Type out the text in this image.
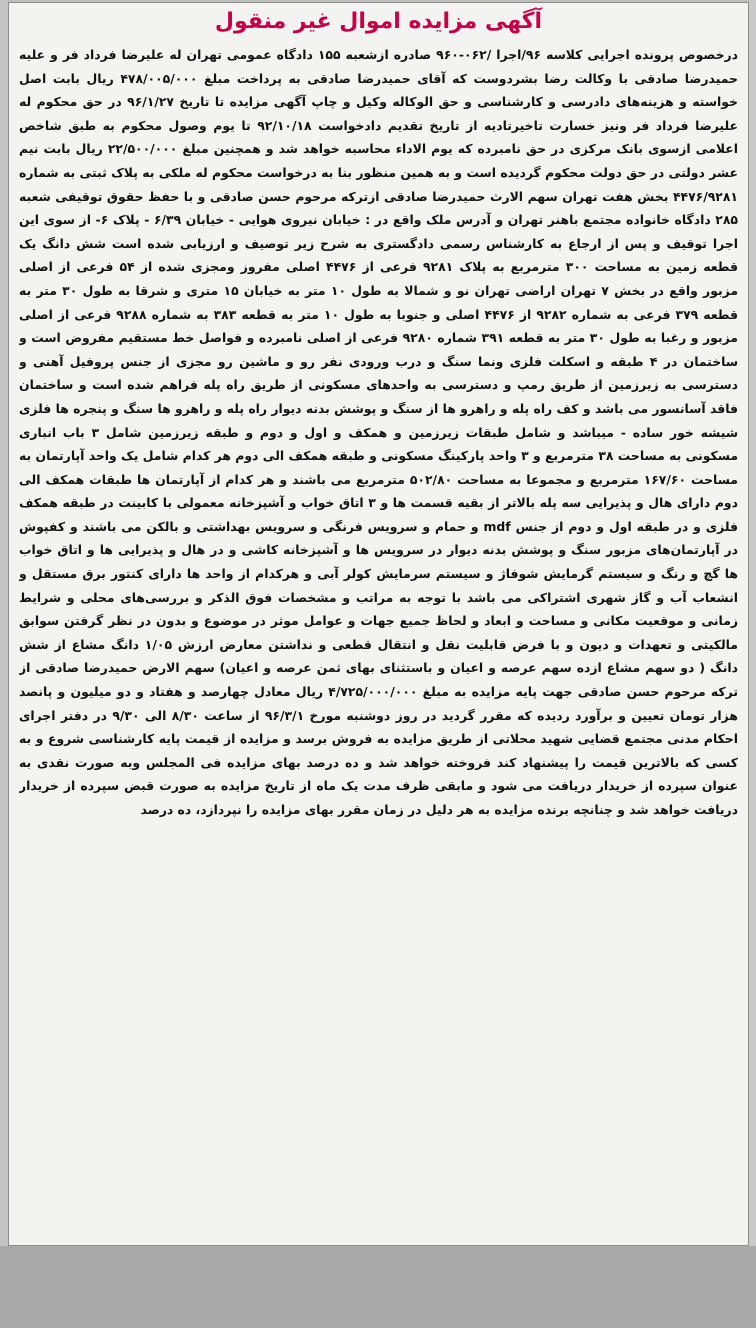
آگهی مزایده اموال غیر منقول

درخصوص پرونده اجرایی کلاسه ۹۶/اجرا /۰۶۲-۹۶۰ صادره ازشعبه ۱۵۵ دادگاه عمومی تهران له علیرضا فرداد فر و علیه حمیدرضا صادقی با وکالت رضا بشردوست که آقای حمیدرضا صادقی به پرداخت مبلغ ۴۷۸/۰۰۵/۰۰۰ ریال بابت اصل خواسته و هزینه‌های دادرسی و کارشناسی و حق الوکاله وکیل و چاپ آگهی مزایده تا تاریخ ۹۶/۱/۲۷ در حق محکوم له علیرضا فرداد فر ونیز خسارت تاخیرتادیه از تاریخ تقدیم دادخواست ۹۲/۱۰/۱۸ تا یوم وصول محکوم به طبق شاخص اعلامی ازسوی بانک مرکزی در حق نامبرده که یوم الاداء محاسبه خواهد شد و همچنین مبلغ ۲۲/۵۰۰/۰۰۰ ریال بابت نیم عشر دولتی در حق دولت محکوم گردیده است و به همین منظور بنا به درخواست محکوم له ملکی به پلاک ثبتی به شماره ۴۴۷۶/۹۲۸۱ بخش هفت تهران سهم الارث حمیدرضا صادقی ازترکه مرحوم حسن صادقی و با حفظ حقوق توقیفی شعبه ۲۸۵ دادگاه خانواده مجتمع باهنر تهران و آدرس ملک واقع در : خیابان نیروی هوایی - خیابان ۶/۳۹ - پلاک ۶- از سوی این اجرا توقیف و پس از ارجاع به کارشناس رسمی دادگستری به شرح زیر توصیف و ارزیابی شده است شش دانگ یک قطعه زمین به مساحت ۳۰۰ مترمربع به پلاک ۹۲۸۱ فرعی از ۴۴۷۶ اصلی مفروز ومجزی شده از ۵۴ فرعی از اصلی مزبور واقع در بخش ۷ تهران اراضی تهران نو و شمالا به طول ۱۰ متر به خیابان ۱۵ متری و شرقا به طول ۳۰ متر به قطعه ۳۷۹ فرعی به شماره ۹۲۸۲ از ۴۴۷۶ اصلی و جنوبا به طول ۱۰ متر به قطعه ۳۸۳ به شماره ۹۲۸۸ فرعی از اصلی مزبور و رغبا به طول ۳۰ متر به قطعه ۳۹۱ شماره ۹۲۸۰ فرعی از اصلی نامبرده و فواصل خط مستقیم مفروض است و ساختمان در ۴ طبقه و اسکلت فلزی ونما سنگ و درب ورودی نفر رو و ماشین رو مجزی از جنس پروفیل آهنی و دسترسی به زیرزمین از طریق رمپ و دسترسی به واحدهای مسکونی از طریق راه پله فراهم شده است و ساختمان فاقد آسانسور می باشد و کف راه پله و راهرو ها از سنگ و پوشش بدنه دیوار راه پله و راهرو ها سنگ و پنجره ها فلزی شیشه خور ساده - میباشد و شامل طبقات زیرزمین و همکف و اول و دوم و طبقه زیرزمین شامل ۳ باب انباری مسکونی به مساحت ۳۸ مترمربع و ۳ واحد پارکینگ مسکونی و طبقه همکف الی دوم هر کدام شامل یک واحد آپارتمان به مساحت ۱۶۷/۶۰ مترمربع و مجموعا به مساحت ۵۰۲/۸۰ مترمربع می باشند و هر کدام از آپارتمان ها طبقات همکف الی دوم دارای هال و پذیرایی سه پله بالاتر از بقیه قسمت ها و ۳ اتاق خواب و آشپزخانه معمولی با کابینت در طبقه همکف فلزی و در طبقه اول و دوم از جنس mdf و حمام و سرویس فرنگی و سرویس بهداشتی و بالکن می باشند و کفپوش در آپارتمان‌های مزبور سنگ و پوشش بدنه دیوار در سرویس ها و آشپزخانه کاشی و در هال و پذیرایی ها و اتاق خواب ها گچ و رنگ و سیستم گرمایش شوفاژ و سیستم سرمایش کولر آبی و هرکدام از واحد ها دارای کنتور برق مستقل و انشعاب آب و گاز شهری اشتراکی می باشد با توجه به مراتب و مشخصات فوق الذکر و بررسی‌های محلی و شرایط زمانی و موقعیت مکانی و مساحت و ابعاد و لحاظ جمیع جهات و عوامل موثر در موضوع و بدون در نظر گرفتن سوابق مالکیتی و تعهدات و دیون و با فرض قابلیت نقل و انتقال قطعی و نداشتن معارض ارزش ۱/۰۵ دانگ مشاع از شش دانگ ( دو سهم مشاع ازده سهم عرصه و اعیان و باستثنای بهای ثمن عرصه و اعیان) سهم الارض حمیدرضا صادقی از ترکه مرحوم حسن صادقی جهت پایه مزایده به مبلغ ۴/۷۲۵/۰۰۰/۰۰۰ ریال معادل چهارصد و هفتاد و دو میلیون و پانصد هزار تومان تعیین و برآورد ردیده که مقرر گردید در روز دوشنبه مورخ ۹۶/۳/۱ از ساعت ۸/۳۰ الی ۹/۳۰ در دفتر اجرای احکام مدنی مجتمع قضایی شهید محلاتی از طریق مزایده به فروش برسد و مزایده از قیمت پایه کارشناسی شروع و به کسی که بالاترین قیمت را پیشنهاد کند فروخته خواهد شد و ده درصد بهای مزایده فی المجلس وبه صورت نقدی به عنوان سپرده از خریدار دریافت می شود و مابقی ظرف مدت یک ماه از تاریخ مزایده به صورت قبض سپرده از خریدار دریافت خواهد شد و چنانچه برنده مزایده به هر دلیل در زمان مقرر بهای مزایده را نپردازد، ده درصد
